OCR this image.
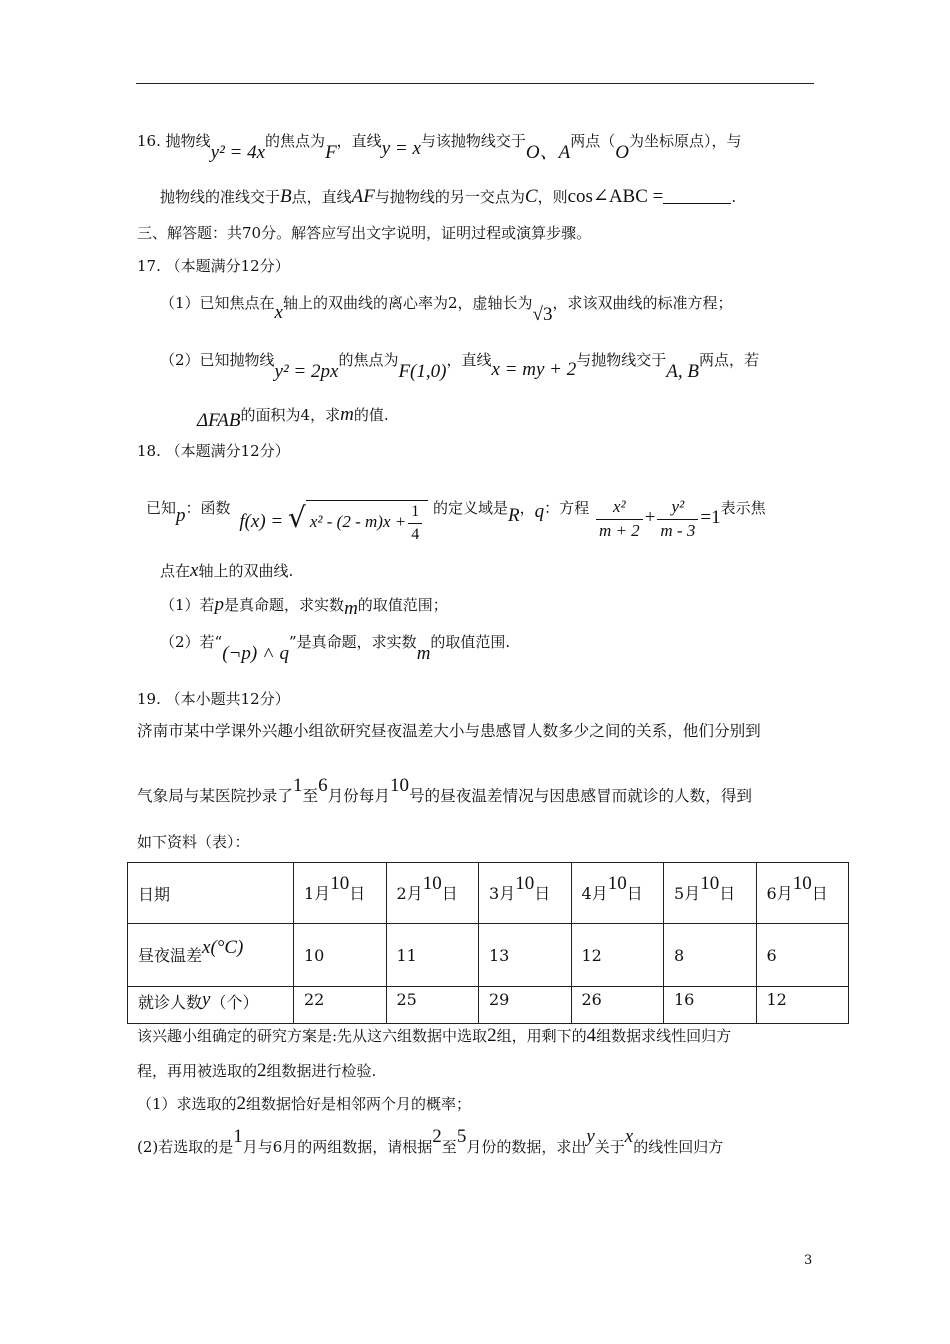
16. 抛物线y² = 4x的焦点为F，直线y = x与该抛物线交于O、A两点（O为坐标原点），与
抛物线的准线交于B点，直线AF与抛物线的另一交点为C，则cos∠ABC =	.
三、解答题：共70分。解答应写出文字说明，证明过程或演算步骤。
17. （本题满分12分）
（1）已知焦点在x轴上的双曲线的离心率为2，虚轴长为√3，求该双曲线的标准方程；
（2）已知抛物线y² = 2px的焦点为F(1,0)，直线x = my + 2与抛物线交于A, B两点，若
ΔFAB的面积为4，求m的值.
18. （本题满分12分）
已知p：函数 f(x) = √ $x^2 - (2 - m)x + \frac{1}{4}$ 的定义域是R，q：方程 $\frac{\text{x²}}{m + 2} + \frac{\text{y²}}{m - 3} =1$表示焦
点在x轴上的双曲线.
（1）若p是真命题，求实数m的取值范围；
（2）若“(¬p) ˄ q”是真命题，求实数m的取值范围.
19. （本小题共12分）
济南市某中学课外兴趣小组欲研究昼夜温差大小与患感冒人数多少之间的关系，他们分别到
气象局与某医院抄录了1至6月份每月10号的昼夜温差情况与因患感冒而就诊的人数，得到
如下资料（表）：
日期	1月10日	2月10日	3月10日	4月10日	5月10日	6月10日
昼夜温差x(°C)	10	11	13	12	8	6
就诊人数y（个）	22	25	29	26	16	12
该兴趣小组确定的研究方案是:先从这六组数据中选取2组，用剩下的4组数据求线性回归方
程，再用被选取的2组数据进行检验.
（1）求选取的2组数据恰好是相邻两个月的概率；
(2)若选取的是1月与6月的两组数据，请根据2至5月份的数据，求出y关于x的线性回归方
3
